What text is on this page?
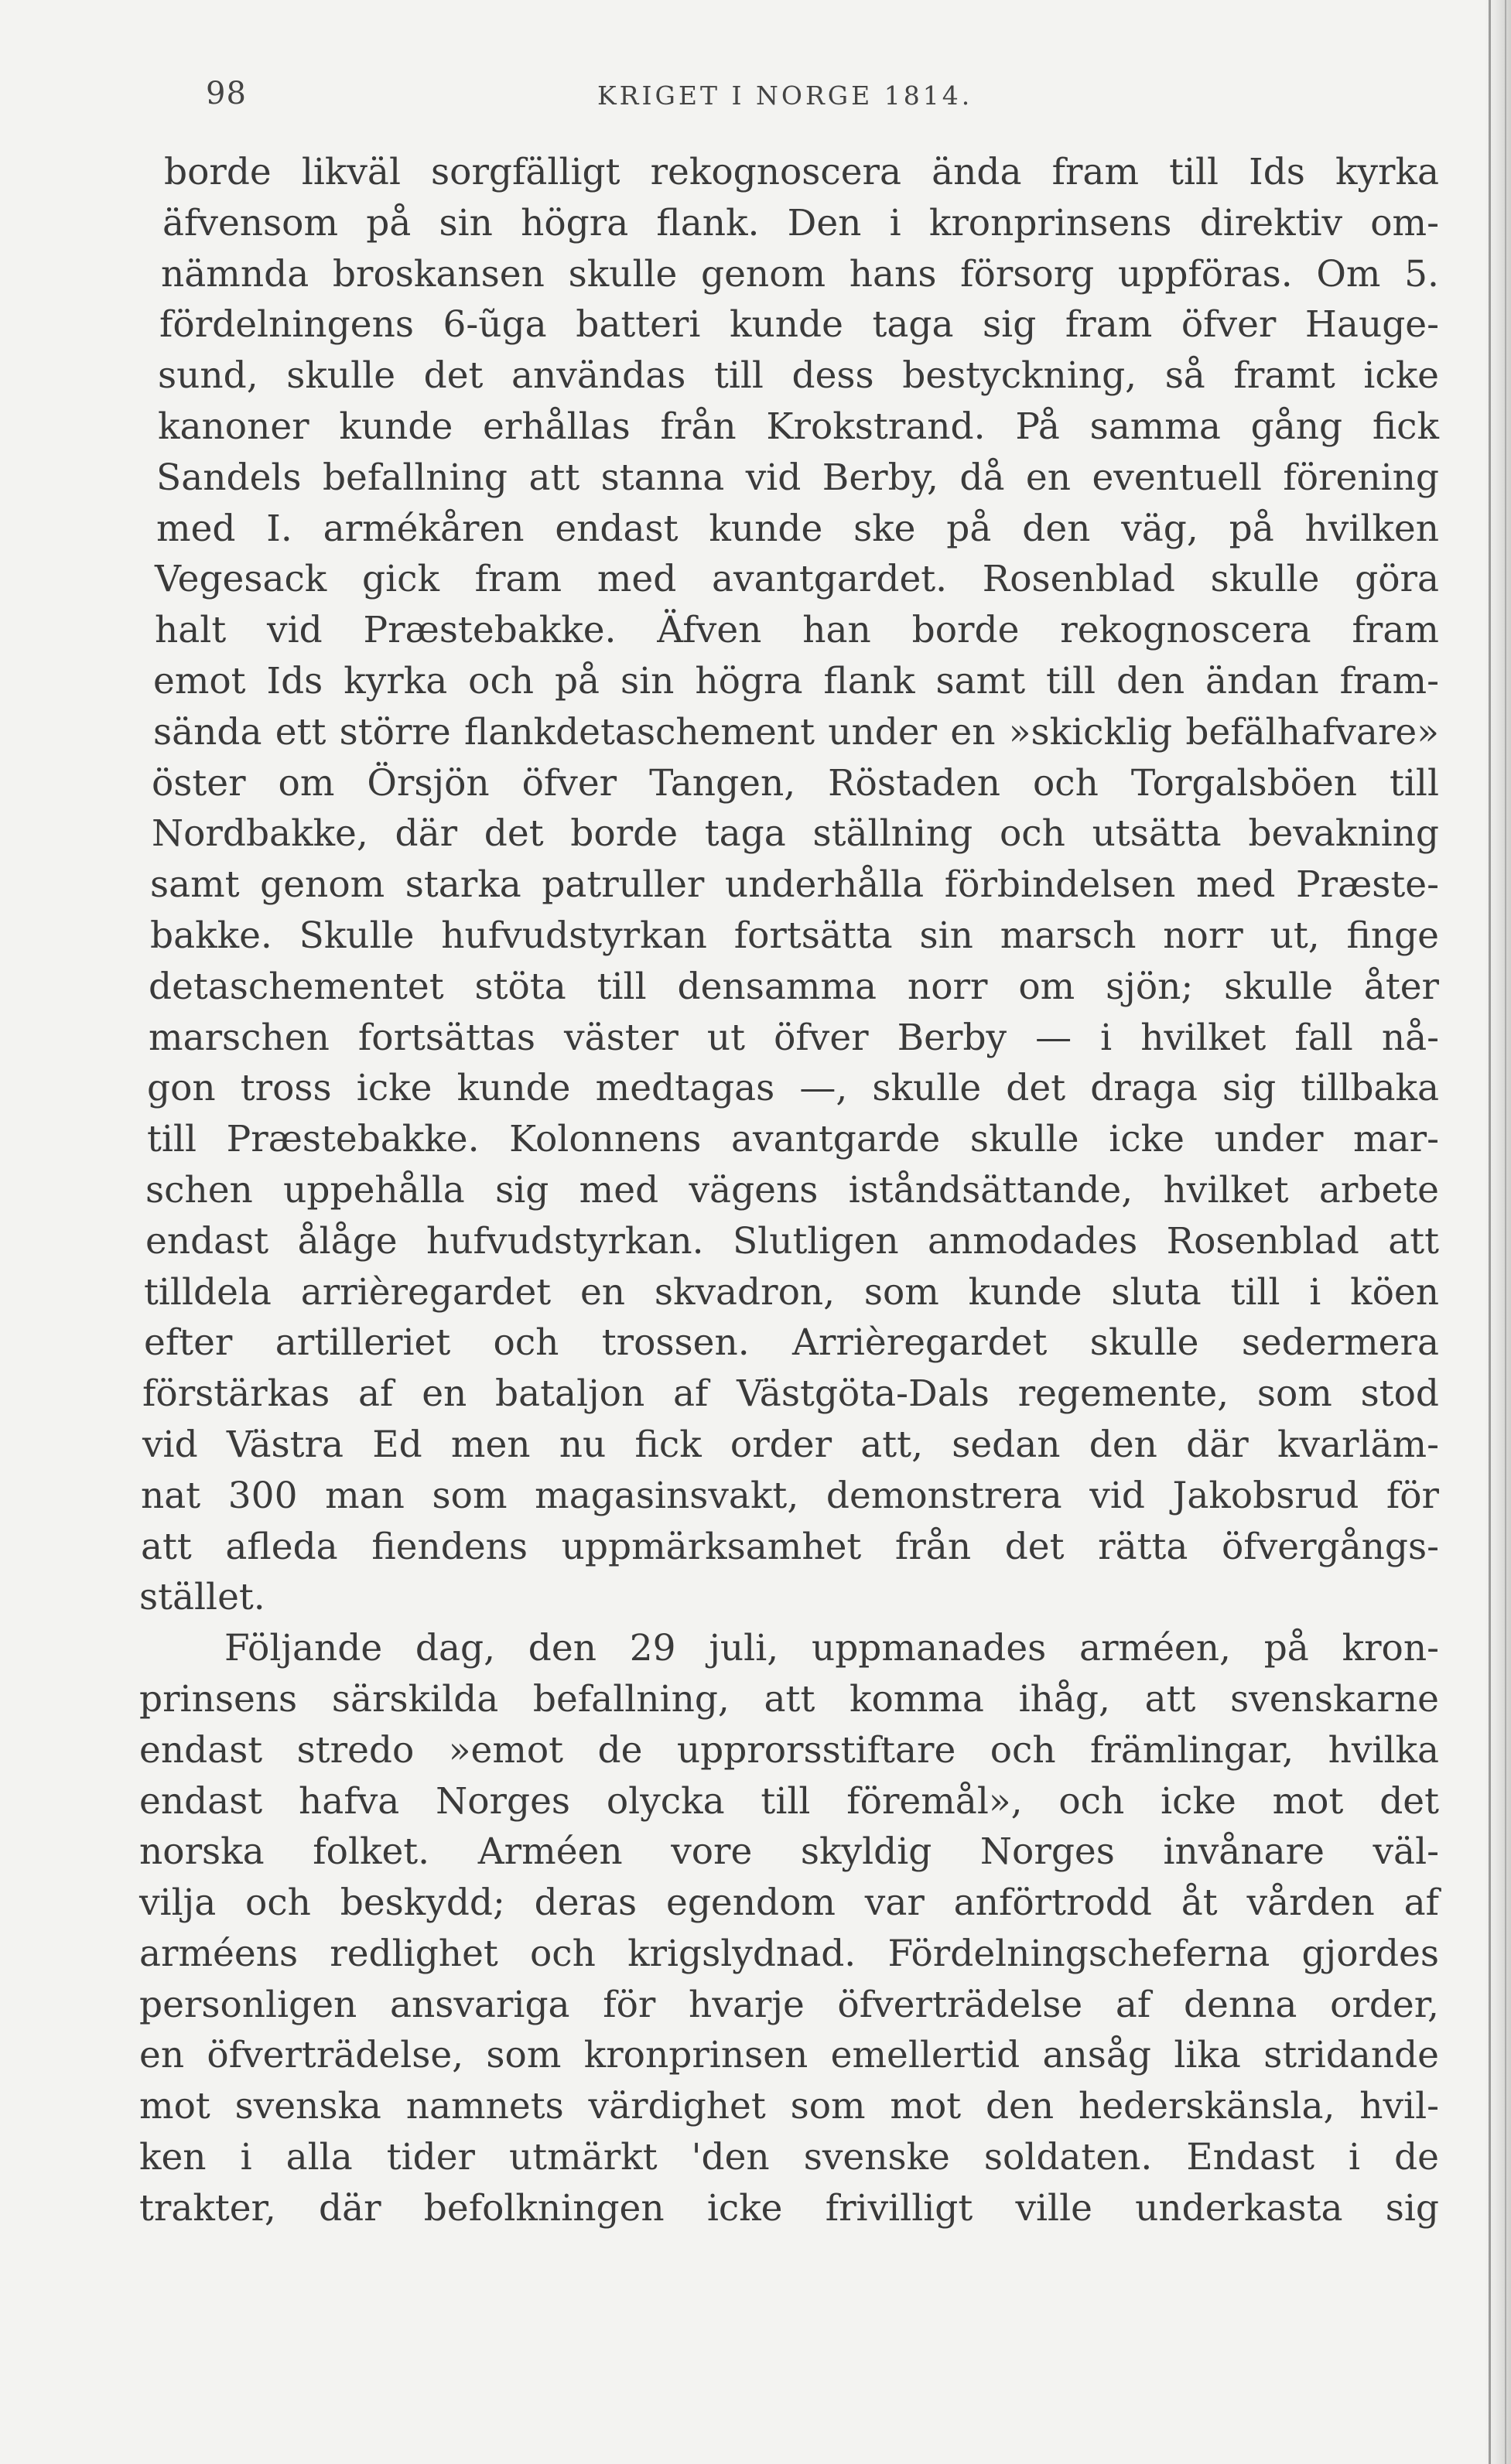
98	KRIGET I NORGE 1814.
borde likväl sorgfälligt rekognoscera ända fram till Ids kyrka
äfvensom på sin högra flank. Den i kronprinsens direktiv om-
nämnda broskansen skulle genom hans försorg uppföras. Om 5.
fördelningens 6-ũga batteri kunde taga sig fram öfver Hauge-
sund, skulle det användas till dess bestyckning, så framt icke
kanoner kunde erhållas från Krokstrand. På samma gång fick
Sandels befallning att stanna vid Berby, då en eventuell förening
med I. armékåren endast kunde ske på den väg, på hvilken
Vegesack gick fram med avantgardet. Rosenblad skulle göra
halt vid Præstebakke. Äfven han borde rekognoscera fram
emot Ids kyrka och på sin högra flank samt till den ändan fram-
sända ett större flankdetaschement under en »skicklig befälhafvare»
öster om Örsjön öfver Tangen, Röstaden och Torgalsböen till
Nordbakke, där det borde taga ställning och utsätta bevakning
samt genom starka patruller underhålla förbindelsen med Præste-
bakke. Skulle hufvudstyrkan fortsätta sin marsch norr ut, finge
detaschementet stöta till densamma norr om sjön; skulle åter
marschen fortsättas väster ut öfver Berby — i hvilket fall nå-
gon tross icke kunde medtagas —, skulle det draga sig tillbaka
till Præstebakke. Kolonnens avantgarde skulle icke under mar-
schen uppehålla sig med vägens iståndsättande, hvilket arbete
endast ålåge hufvudstyrkan. Slutligen anmodades Rosenblad att
tilldela arrièregardet en skvadron, som kunde sluta till i köen
efter artilleriet och trossen. Arrièregardet skulle sedermera
förstärkas af en bataljon af Västgöta-Dals regemente, som stod
vid Västra Ed men nu fick order att, sedan den där kvarläm-
nat 300 man som magasinsvakt, demonstrera vid Jakobsrud för
att afleda fiendens uppmärksamhet från det rätta öfvergångs-
stället.
Följande dag, den 29 juli, uppmanades arméen, på kron-
prinsens särskilda befallning, att komma ihåg, att svenskarne
endast stredo »emot de upprorsstiftare och främlingar, hvilka
endast hafva Norges olycka till föremål», och icke mot det
norska folket. Arméen vore skyldig Norges invånare väl-
vilja och beskydd; deras egendom var anförtrodd åt vården af
arméens redlighet och krigslydnad. Fördelningscheferna gjordes
personligen ansvariga för hvarje öfverträdelse af denna order,
en öfverträdelse, som kronprinsen emellertid ansåg lika stridande
mot svenska namnets värdighet som mot den hederskänsla, hvil-
ken i alla tider utmärkt 'den svenske soldaten. Endast i de
trakter, där befolkningen icke frivilligt ville underkasta sig
